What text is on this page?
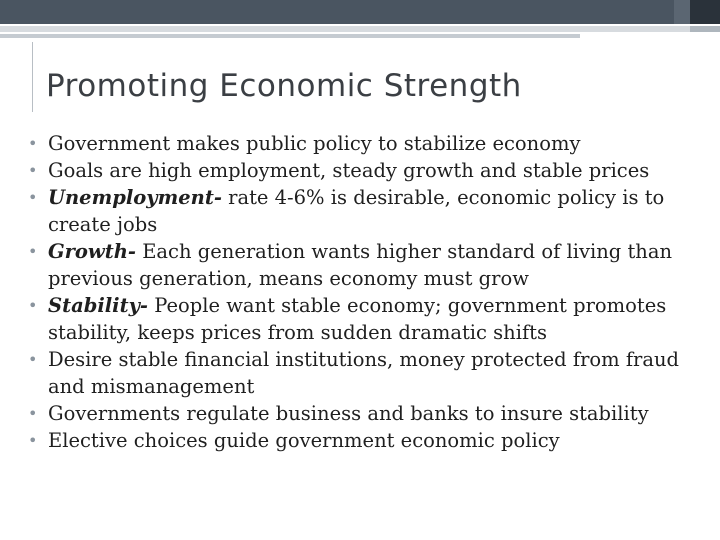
Promoting Economic Strength
• Government makes public policy to stabilize economy
• Goals are high employment, steady growth and stable prices
• Unemployment- rate 4-6% is desirable, economic policy is to create jobs
• Growth- Each generation wants higher standard of living than previous generation, means economy must grow
• Stability- People want stable economy; government promotes stability, keeps prices from sudden dramatic shifts
• Desire stable financial institutions, money protected from fraud and mismanagement
• Governments regulate business and banks to insure stability
• Elective choices guide government economic policy
